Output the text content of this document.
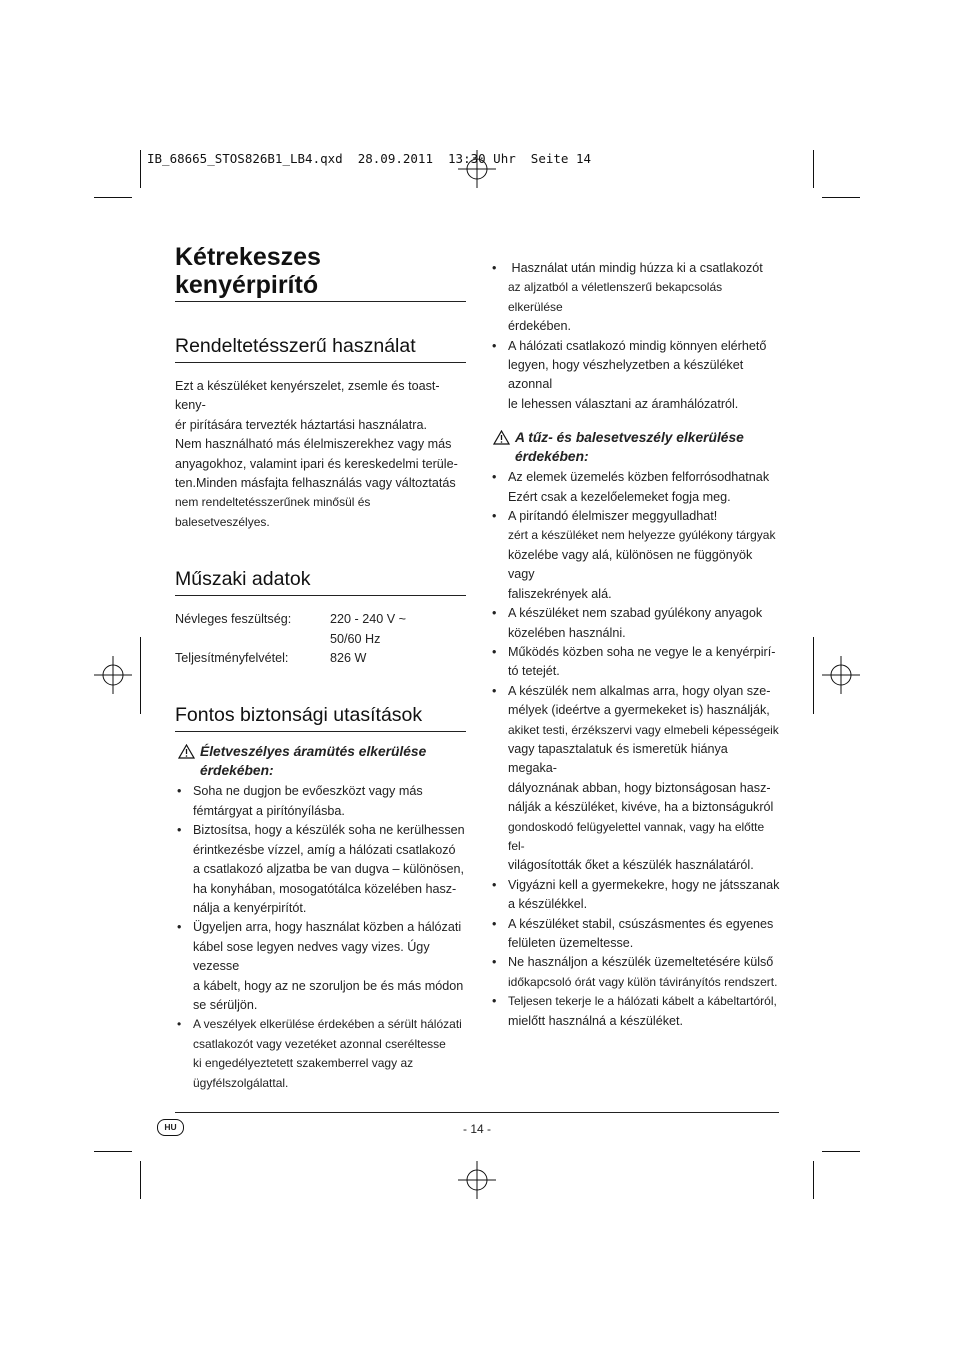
IB_68665_STOS826B1_LB4.qxd  28.09.2011  13:30 Uhr  Seite 14
Kétrekeszes
kenyérpirító
Rendeltetésszerű használat

Ezt a készüléket kenyérszelet, zsemle és toast-keny-
ér pirítására tervezték háztartási használatra.
Nem használható más élelmiszerekhez vagy más
anyagokhoz, valamint ipari és kereskedelmi terüle-
ten.Minden másfajta felhasználás vagy változtatás
nem rendeltetésszerűnek minősül és balesetveszélyes.

Műszaki adatok
Névleges feszültség:	220 - 240 V ~
50/60 Hz
Teljesítményfelvétel:	826 W
Fontos biztonsági utasítások
Életveszélyes áramütés elkerülése
érdekében:
• Soha ne dugjon be evőeszközt vagy más
fémtárgyat a pirítónyílásba.
• Biztosítsa, hogy a készülék soha ne kerülhessen
érintkezésbe vízzel, amíg a hálózati csatlakozó
a csatlakozó aljzatba be van dugva – különösen,
ha konyhában, mosogatótálca közelében hasz-
nálja a kenyérpirítót.
• Ügyeljen arra, hogy használat közben a hálózati
kábel sose legyen nedves vagy vizes. Úgy vezesse
a kábelt, hogy az ne szoruljon be és más módon
se sérüljön.
• A veszélyek elkerülése érdekében a sérült hálózati
csatlakozót vagy vezetéket azonnal cseréltesse
ki engedélyeztetett szakemberrel vagy az
ügyfélszolgálattal.
•  Használat után mindig húzza ki a csatlakozót
az aljzatból a véletlenszerű bekapcsolás elkerülése
érdekében.
• A hálózati csatlakozó mindig könnyen elérhető
legyen, hogy vészhelyzetben a készüléket azonnal
le lehessen választani az áramhálózatról.
A tűz- és balesetveszély elkerülése
érdekében:
• Az elemek üzemelés közben felforrósodhatnak
Ezért csak a kezelőelemeket fogja meg.
• A pirítandó élelmiszer meggyulladhat!
zért a készüléket nem helyezze gyúlékony tárgyak
közelébe vagy alá, különösen ne függönyök vagy
faliszekrények alá.
• A készüléket nem szabad gyúlékony anyagok
közelében használni.
• Működés közben soha ne vegye le a kenyérpirí-
tó tetejét.
• A készülék nem alkalmas arra, hogy olyan sze-
mélyek (ideértve a gyermekeket is) használják,
akiket testi, érzékszervi vagy elmebeli képességeik
vagy tapasztalatuk és ismeretük hiánya megaka-
dályoznának abban, hogy biztonságosan hasz-
nálják a készüléket, kivéve, ha a biztonságukról
gondoskodó felügyelettel vannak, vagy ha előtte fel-
világosították őket a készülék használatáról.
• Vigyázni kell a gyermekekre, hogy ne játsszanak
a készülékkel.
• A készüléket stabil, csúszásmentes és egyenes
felületen üzemeltesse.
• Ne használjon a készülék üzemeltetésére külső
időkapcsoló órát vagy külön távirányítós rendszert.
• Teljesen tekerje le a hálózati kábelt a kábeltartóról,
mielőtt használná a készüléket.
HU	- 14 -
